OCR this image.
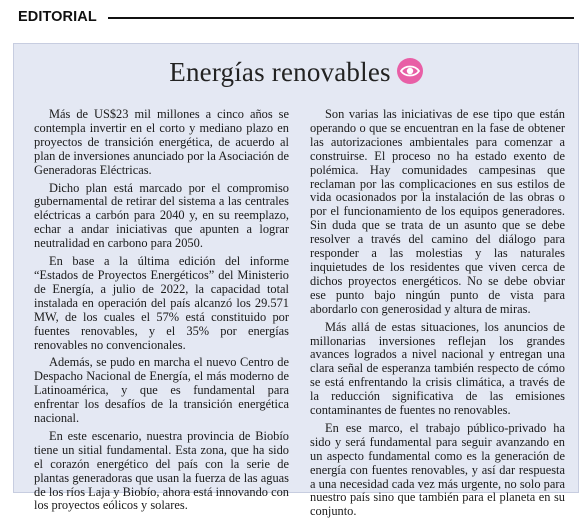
EDITORIAL
Energías renovables

Más de US$23 mil millones a cinco años se contempla invertir en el corto y mediano plazo en proyectos de transición energética, de acuerdo al plan de inversiones anunciado por la Asociación de Generadoras Eléctricas.

Dicho plan está marcado por el compromiso gubernamental de retirar del sistema a las centrales eléctricas a carbón para 2040 y, en su reemplazo, echar a andar iniciativas que apunten a lograr neutralidad en carbono para 2050.

En base a la última edición del informe “Estados de Proyectos Energéticos” del Ministerio de Energía, a julio de 2022, la capacidad total instalada en operación del país alcanzó los 29.571 MW, de los cuales el 57% está constituido por fuentes renovables, y el 35% por energías renovables no convencionales.

Además, se pudo en marcha el nuevo Centro de Despacho Nacional de Energía, el más moderno de Latinoamérica, y que es fundamental para enfrentar los desafíos de la transición energética nacional.

En este escenario, nuestra provincia de Biobío tiene un sitial fundamental. Esta zona, que ha sido el corazón energético del país con la serie de plantas generadoras que usan la fuerza de las aguas de los ríos Laja y Biobío, ahora está innovando con los proyectos eólicos y solares.

Son varias las iniciativas de ese tipo que están operando o que se encuentran en la fase de obtener las autorizaciones ambientales para comenzar a construirse. El proceso no ha estado exento de polémica. Hay comunidades campesinas que reclaman por las complicaciones en sus estilos de vida ocasionados por la instalación de las obras o por el funcionamiento de los equipos generadores. Sin duda que se trata de un asunto que se debe resolver a través del camino del diálogo para responder a las molestias y las naturales inquietudes de los residentes que viven cerca de dichos proyectos energéticos. No se debe obviar ese punto bajo ningún punto de vista para abordarlo con generosidad y altura de miras.

Más allá de estas situaciones, los anuncios de millonarias inversiones reflejan los grandes avances logrados a nivel nacional y entregan una clara señal de esperanza también respecto de cómo se está enfrentando la crisis climática, a través de la reducción significativa de las emisiones contaminantes de fuentes no renovables.

En ese marco, el trabajo público-privado ha sido y será fundamental para seguir avanzando en un aspecto fundamental como es la generación de energía con fuentes renovables, y así dar respuesta a una necesidad cada vez más urgente, no solo para nuestro país sino que también para el planeta en su conjunto.
